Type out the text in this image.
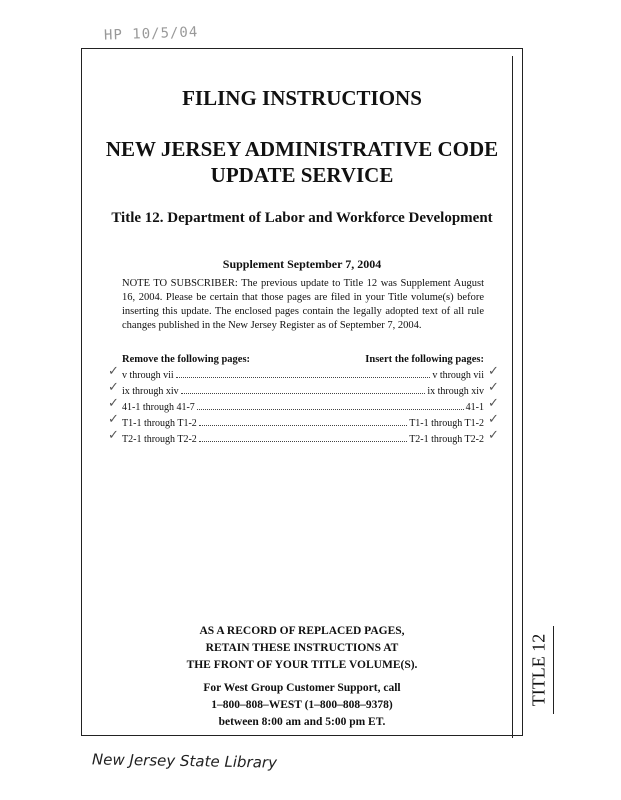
HP 10/5/04
FILING INSTRUCTIONS
NEW JERSEY ADMINISTRATIVE CODE
UPDATE SERVICE
Title 12. Department of Labor and Workforce Development
Supplement September 7, 2004
NOTE TO SUBSCRIBER: The previous update to Title 12 was Supplement August 16, 2004. Please be certain that those pages are filed in your Title volume(s) before inserting this update. The enclosed pages contain the legally adopted text of all rule changes published in the New Jersey Register as of September 7, 2004.
Remove the following pages:	Insert the following pages:
v through vii	v through vii
ix through xiv	ix through xiv
41-1 through 41-7	41-1
T1-1 through T1-2	T1-1 through T1-2
T2-1 through T2-2	T2-1 through T2-2
✓
✓
✓
✓
✓
✓
✓
✓
✓
✓
AS A RECORD OF REPLACED PAGES,
RETAIN THESE INSTRUCTIONS AT
THE FRONT OF YOUR TITLE VOLUME(S).
For West Group Customer Support, call
1–800–808–WEST (1–800–808–9378)
between 8:00 am and 5:00 pm ET.
TITLE 12
New Jersey State Library
